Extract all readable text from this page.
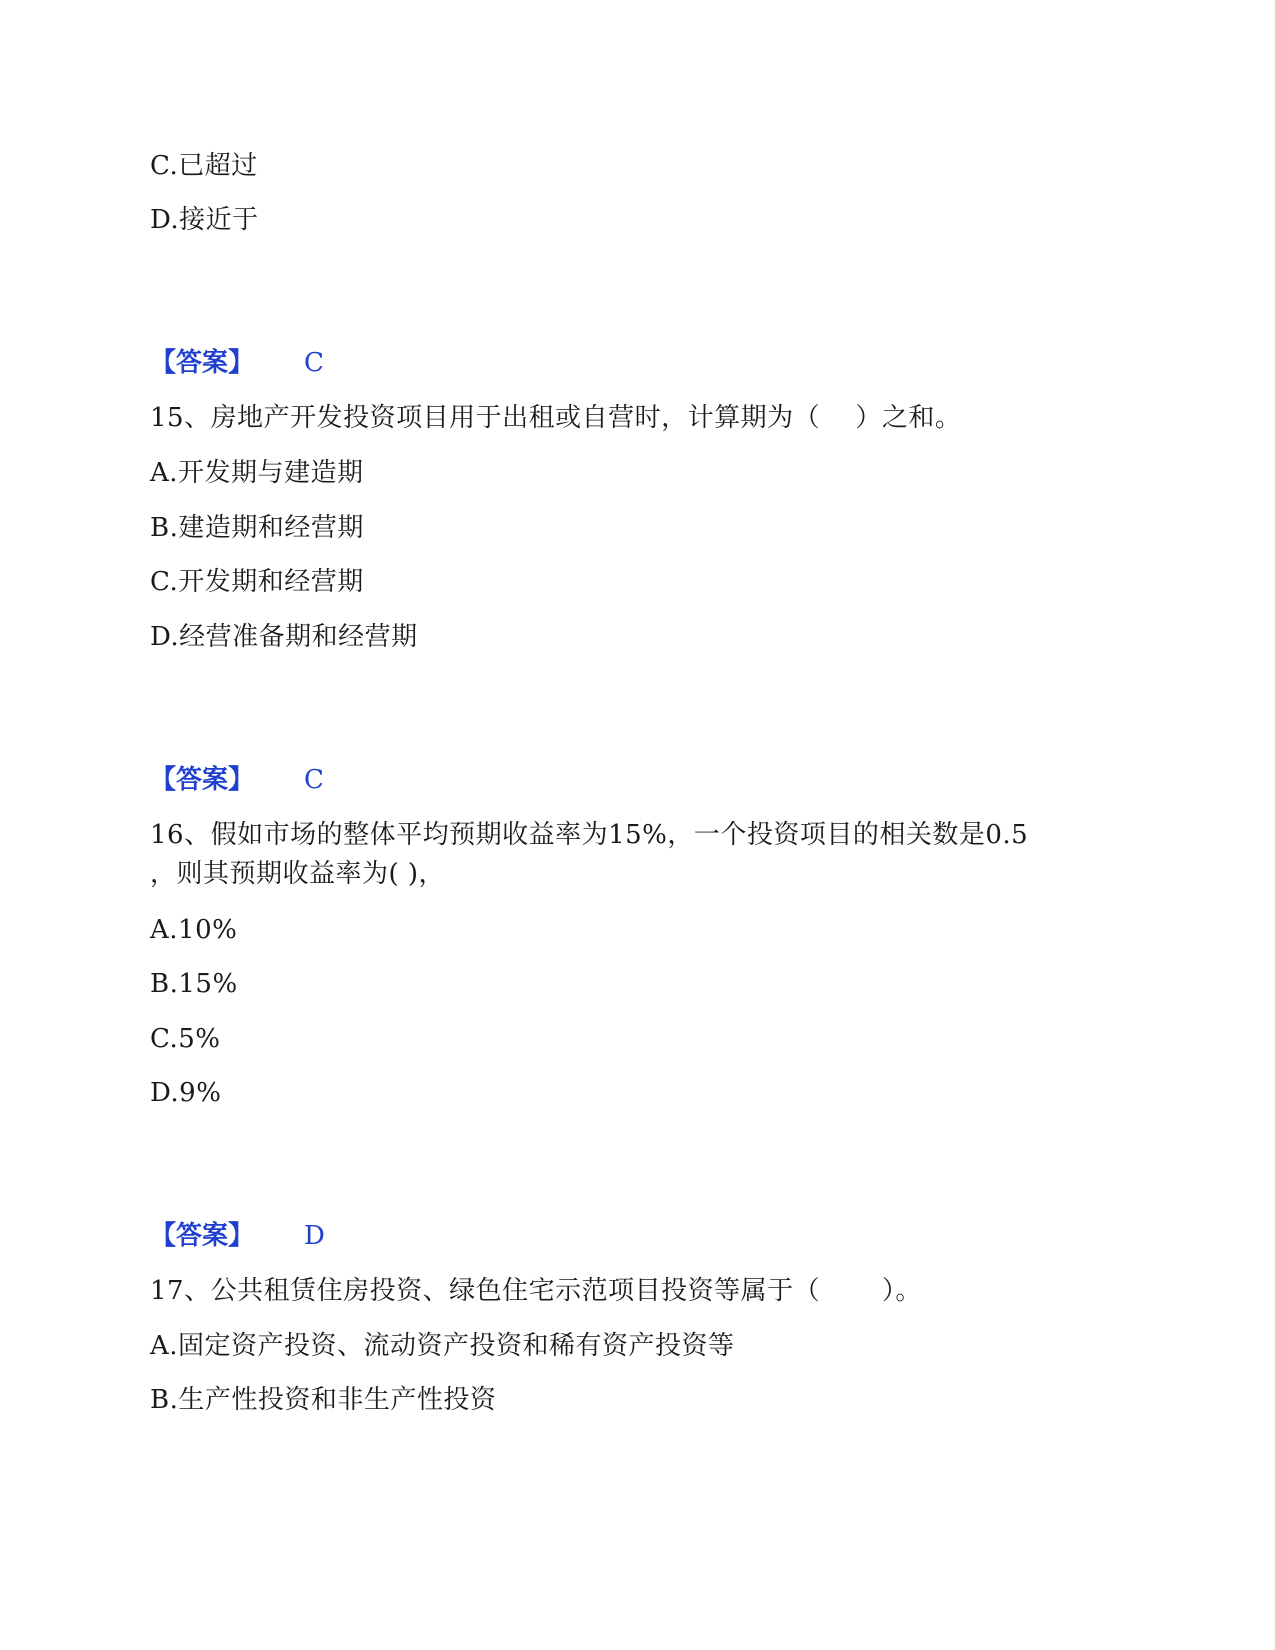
C.已超过
D.接近于
【答案】 C
15、房地产开发投资项目用于出租或自营时，计算期为（　 ）之和。
A.开发期与建造期
B.建造期和经营期
C.开发期和经营期
D.经营准备期和经营期
【答案】 C
16、假如市场的整体平均预期收益率为15%，一个投资项目的相关数是0.5
，则其预期收益率为( )，
A.10%
B.15%
C.5%
D.9%
【答案】 D
17、公共租赁住房投资、绿色住宅示范项目投资等属于（　　 ）。
A.固定资产投资、流动资产投资和稀有资产投资等
B.生产性投资和非生产性投资
